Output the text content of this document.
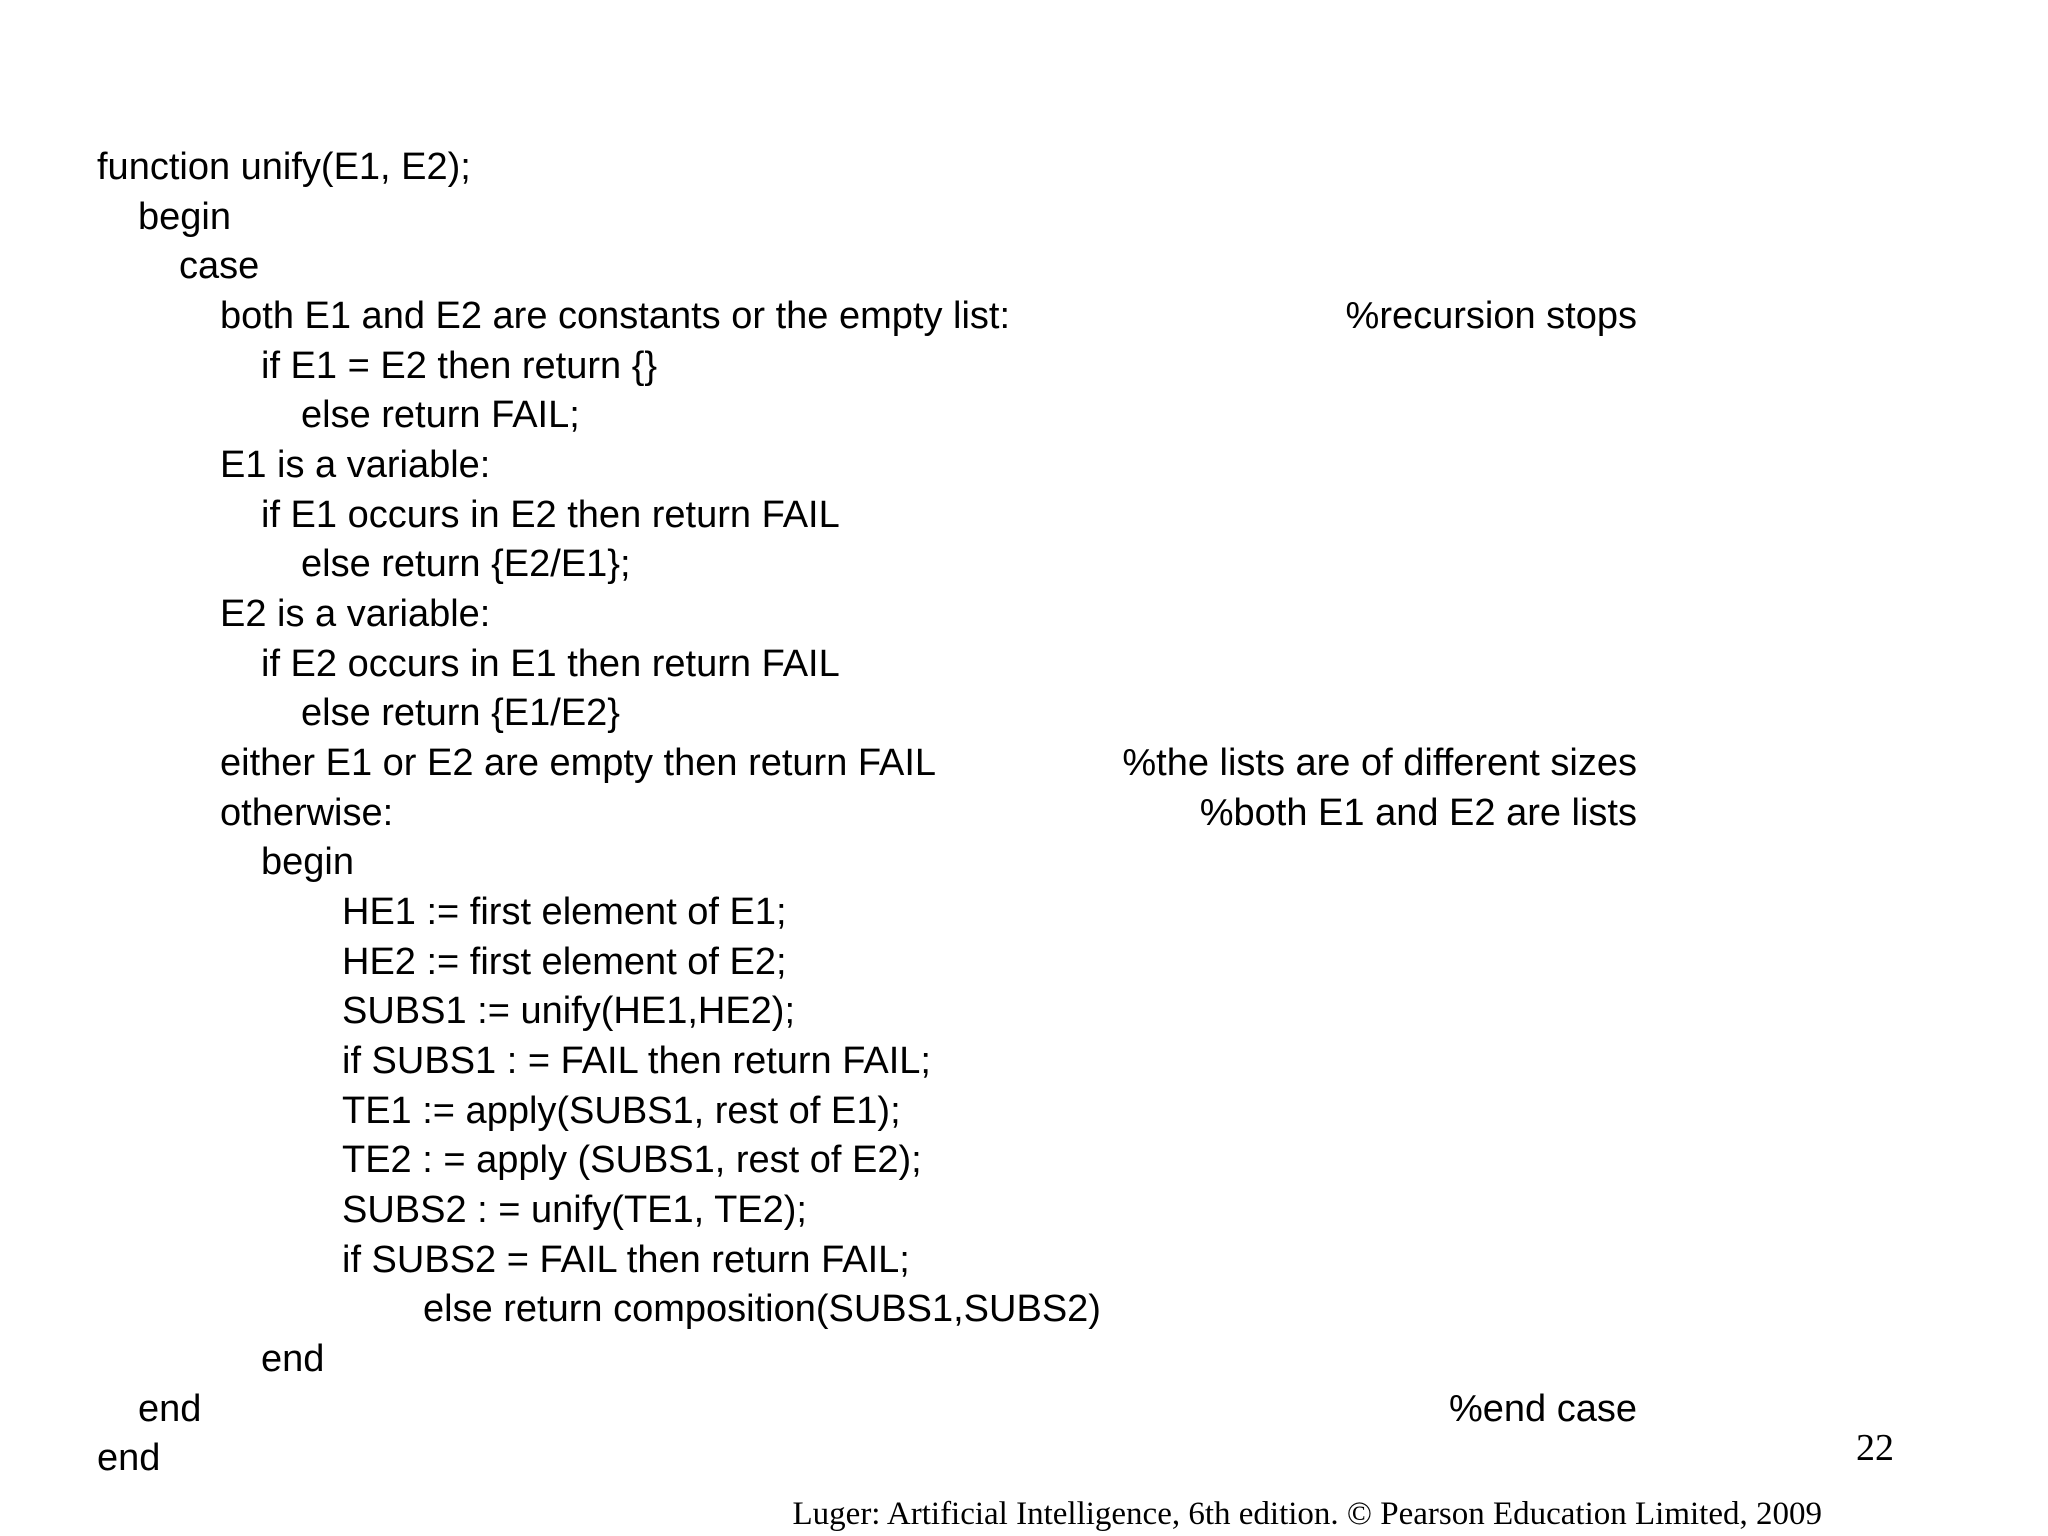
function unify(E1, E2);
begin
case
both E1 and E2 are constants or the empty list:	%recursion stops
if E1 = E2 then return {}
else return FAIL;
E1 is a variable:
if E1 occurs in E2 then return FAIL
else return {E2/E1};
E2 is a variable:
if E2 occurs in E1 then return FAIL
else return {E1/E2}
either E1 or E2 are empty then return FAIL	%the lists are of different sizes
otherwise:	%both E1 and E2 are lists
begin
HE1 := first element of E1;
HE2 := first element of E2;
SUBS1 := unify(HE1,HE2);
if SUBS1 : = FAIL then return FAIL;
TE1 := apply(SUBS1, rest of E1);
TE2 : = apply (SUBS1, rest of E2);
SUBS2 : = unify(TE1, TE2);
if SUBS2 = FAIL then return FAIL;
else return composition(SUBS1,SUBS2)
end
end	%end case
end	22
Luger: Artificial Intelligence, 6th edition. © Pearson Education Limited, 2009
